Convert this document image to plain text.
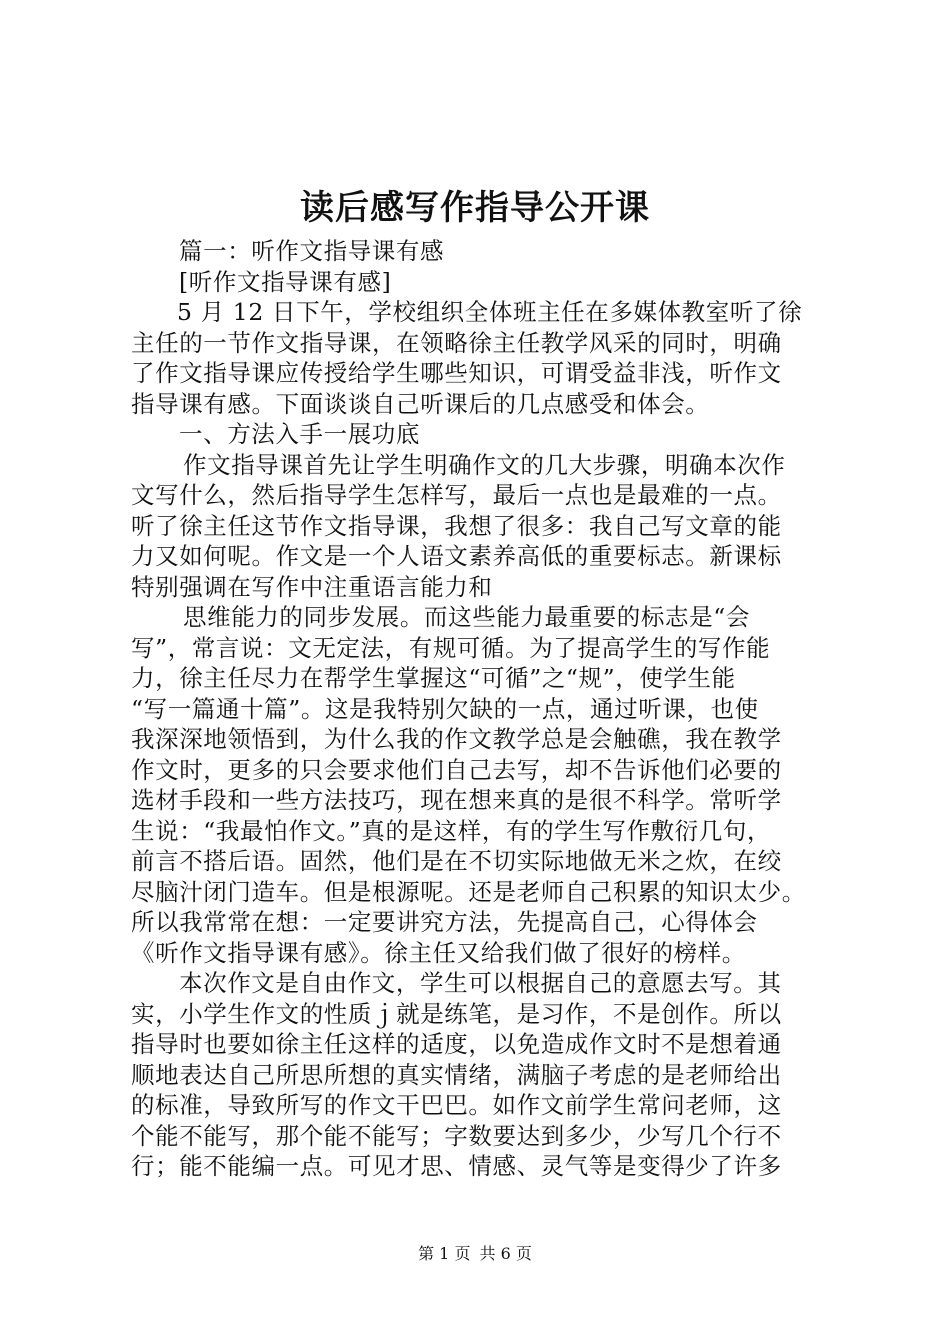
读后感写作指导公开课
篇一：听作文指导课有感
[听作文指导课有感]
5 月 12 日下午，学校组织全体班主任在多媒体教室听了徐
主任的一节作文指导课，在领略徐主任教学风采的同时，明确
了作文指导课应传授给学生哪些知识，可谓受益非浅，听作文
指导课有感。下面谈谈自己听课后的几点感受和体会。
一、方法入手一展功底
作文指导课首先让学生明确作文的几大步骤，明确本次作
文写什么，然后指导学生怎样写，最后一点也是最难的一点。
听了徐主任这节作文指导课，我想了很多：我自己写文章的能
力又如何呢。作文是一个人语文素养高低的重要标志。新课标
特别强调在写作中注重语言能力和
思维能力的同步发展。而这些能力最重要的标志是“会
写”，常言说：文无定法，有规可循。为了提高学生的写作能
力，徐主任尽力在帮学生掌握这“可循”之“规”，使学生能
“写一篇通十篇”。这是我特别欠缺的一点，通过听课，也使
我深深地领悟到，为什么我的作文教学总是会触礁，我在教学
作文时，更多的只会要求他们自己去写，却不告诉他们必要的
选材手段和一些方法技巧，现在想来真的是很不科学。常听学
生说：“我最怕作文。”真的是这样，有的学生写作敷衍几句，
前言不搭后语。固然，他们是在不切实际地做无米之炊，在绞
尽脑汁闭门造车。但是根源呢。还是老师自己积累的知识太少。
所以我常常在想：一定要讲究方法，先提高自己，心得体会
《听作文指导课有感》。徐主任又给我们做了很好的榜样。
本次作文是自由作文，学生可以根据自己的意愿去写。其
实，小学生作文的性质ｊ就是练笔，是习作，不是创作。所以
指导时也要如徐主任这样的适度，以免造成作文时不是想着通
顺地表达自己所思所想的真实情绪，满脑子考虑的是老师给出
的标准，导致所写的作文干巴巴。如作文前学生常问老师，这
个能不能写，那个能不能写；字数要达到多少，少写几个行不
行；能不能编一点。可见才思、情感、灵气等是变得少了许多
第 1 页 共 6 页
